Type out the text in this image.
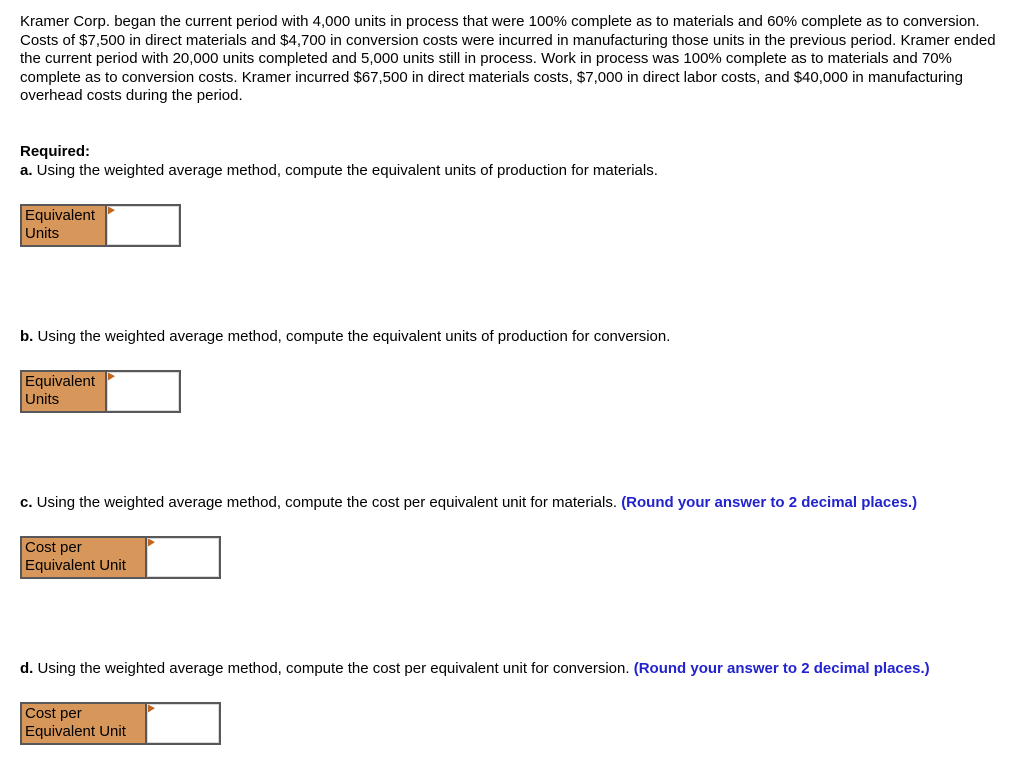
Kramer Corp. began the current period with 4,000 units in process that were 100% complete as to materials and 60% complete as to conversion. Costs of $7,500 in direct materials and $4,700 in conversion costs were incurred in manufacturing those units in the previous period. Kramer ended the current period with 20,000 units completed and 5,000 units still in process. Work in process was 100% complete as to materials and 70% complete as to conversion costs. Kramer incurred $67,500 in direct materials costs, $7,000 in direct labor costs, and $40,000 in manufacturing overhead costs during the period.

Required:

a. Using the weighted average method, compute the equivalent units of production for materials.

Equivalent
Units

b. Using the weighted average method, compute the equivalent units of production for conversion.

Equivalent
Units

c. Using the weighted average method, compute the cost per equivalent unit for materials. (Round your answer to 2 decimal places.)

Cost per
Equivalent Unit

d. Using the weighted average method, compute the cost per equivalent unit for conversion. (Round your answer to 2 decimal places.)

Cost per
Equivalent Unit
